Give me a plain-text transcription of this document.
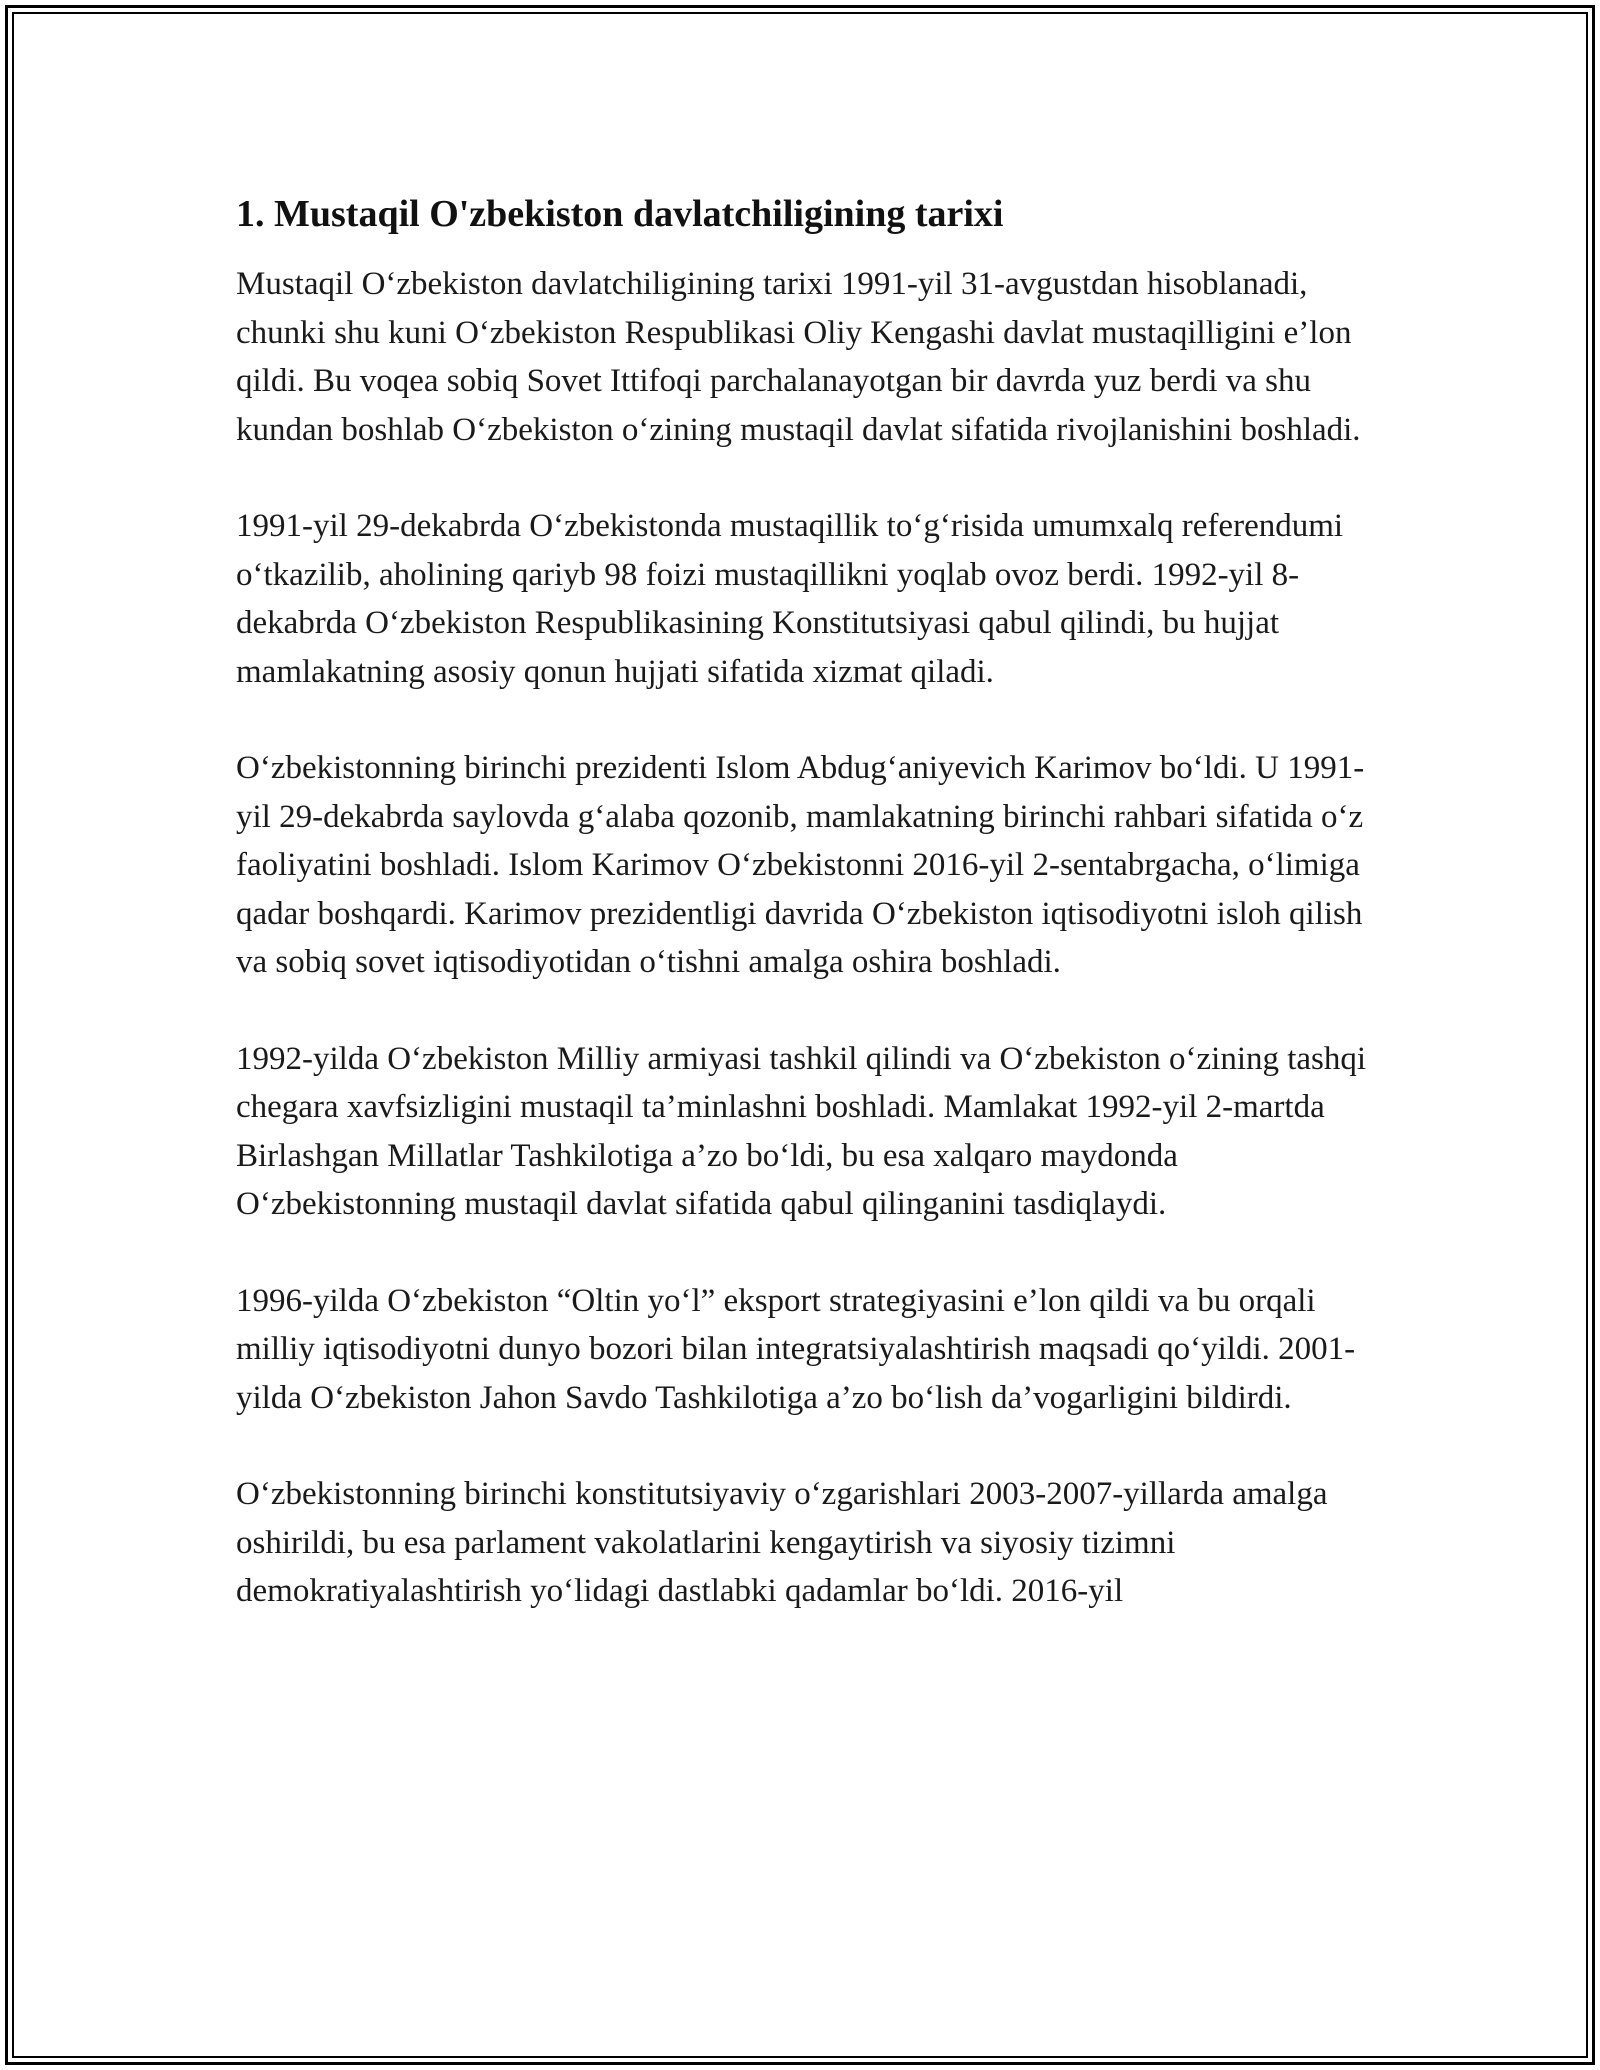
1. Mustaqil O'zbekiston davlatchiligining tarixi

Mustaqil O‘zbekiston davlatchiligining tarixi 1991-yil 31-avgustdan hisoblanadi, chunki shu kuni O‘zbekiston Respublikasi Oliy Kengashi davlat mustaqilligini e’lon qildi. Bu voqea sobiq Sovet Ittifoqi parchalanayotgan bir davrda yuz berdi va shu kundan boshlab O‘zbekiston o‘zining mustaqil davlat sifatida rivojlanishini boshladi.

1991-yil 29-dekabrda O‘zbekistonda mustaqillik to‘g‘risida umumxalq referendumi o‘tkazilib, aholining qariyb 98 foizi mustaqillikni yoqlab ovoz berdi. 1992-yil 8-dekabrda O‘zbekiston Respublikasining Konstitutsiyasi qabul qilindi, bu hujjat mamlakatning asosiy qonun hujjati sifatida xizmat qiladi.

O‘zbekistonning birinchi prezidenti Islom Abdug‘aniyevich Karimov bo‘ldi. U 1991-yil 29-dekabrda saylovda g‘alaba qozonib, mamlakatning birinchi rahbari sifatida o‘z faoliyatini boshladi. Islom Karimov O‘zbekistonni 2016-yil 2-sentabrgacha, o‘limiga qadar boshqardi. Karimov prezidentligi davrida O‘zbekiston iqtisodiyotni isloh qilish va sobiq sovet iqtisodiyotidan o‘tishni amalga oshira boshladi.

1992-yilda O‘zbekiston Milliy armiyasi tashkil qilindi va O‘zbekiston o‘zining tashqi chegara xavfsizligini mustaqil ta’minlashni boshladi. Mamlakat 1992-yil 2-martda Birlashgan Millatlar Tashkilotiga a’zo bo‘ldi, bu esa xalqaro maydonda O‘zbekistonning mustaqil davlat sifatida qabul qilinganini tasdiqlaydi.

1996-yilda O‘zbekiston “Oltin yo‘l” eksport strategiyasini e’lon qildi va bu orqali milliy iqtisodiyotni dunyo bozori bilan integratsiyalashtirish maqsadi qo‘yildi. 2001-yilda O‘zbekiston Jahon Savdo Tashkilotiga a’zo bo‘lish da’vogarligini bildirdi.

O‘zbekistonning birinchi konstitutsiyaviy o‘zgarishlari 2003-2007-yillarda amalga oshirildi, bu esa parlament vakolatlarini kengaytirish va siyosiy tizimni demokratiyalashtirish yo‘lidagi dastlabki qadamlar bo‘ldi. 2016-yil
